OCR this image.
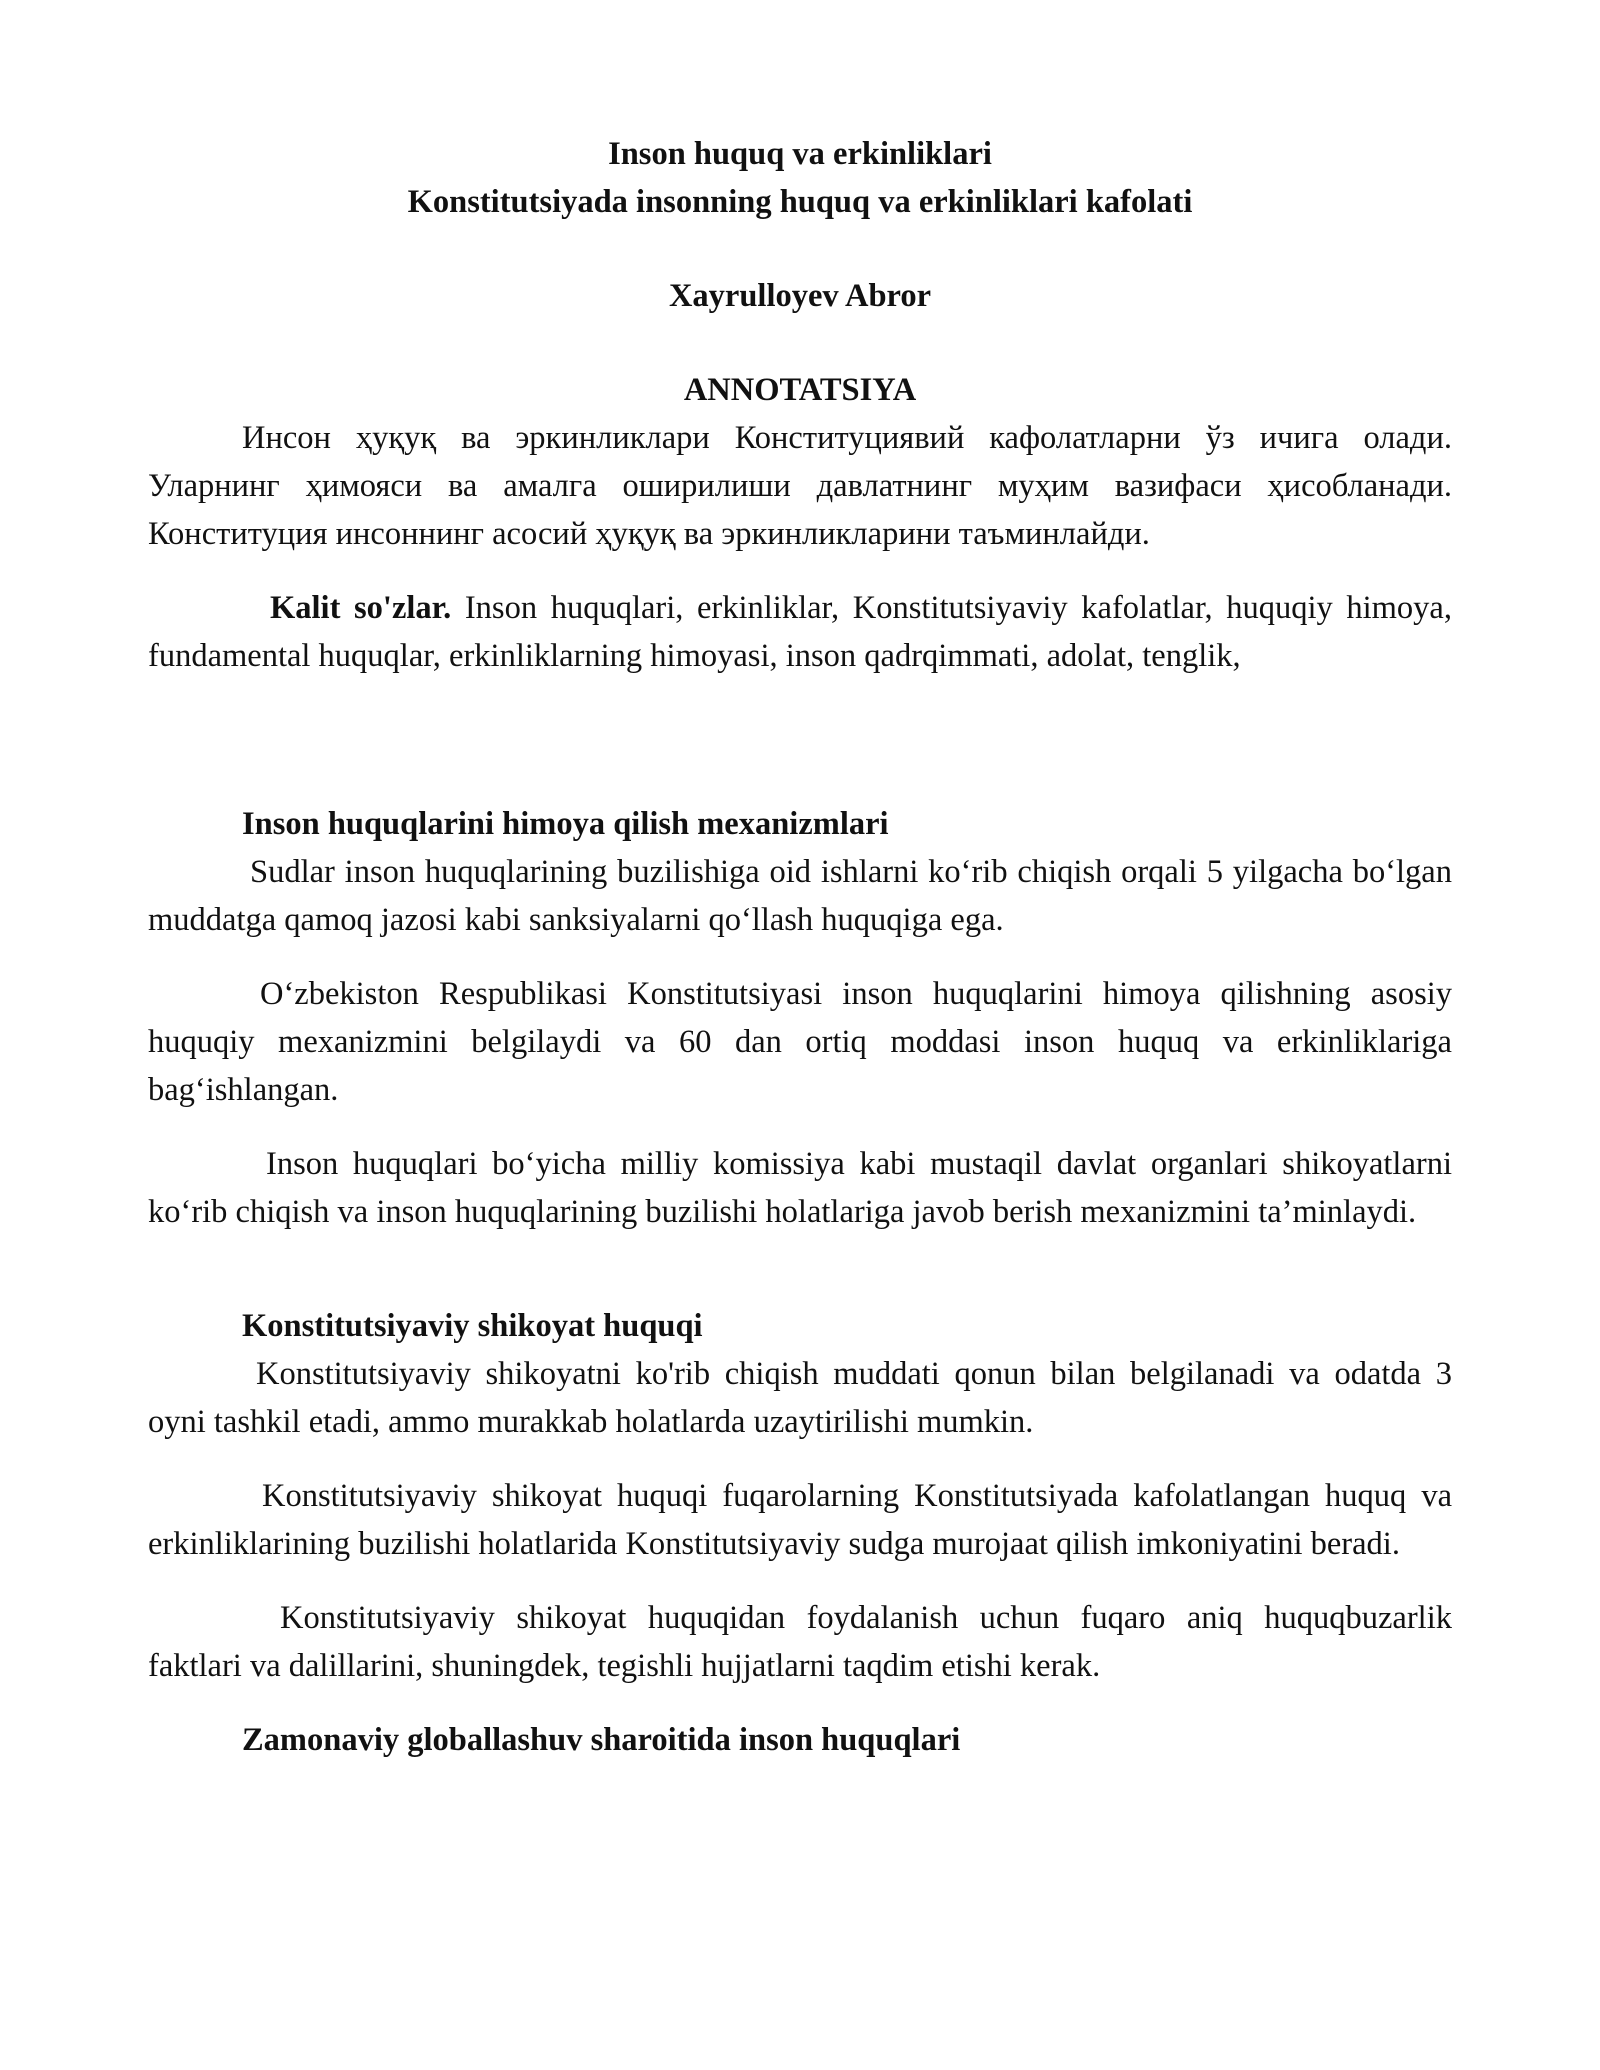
Inson huquq va erkinliklari

Konstitutsiyada insonning huquq va erkinliklari kafolati

Xayrulloyev Abror

ANNOTATSIYA

Инсон ҳуқуқ ва эркинликлари Конституциявий кафолатларни ўз ичига олади. Уларнинг ҳимояси ва амалга оширилиши давлатнинг муҳим вазифаси ҳисобланади. Конституция инсоннинг асосий ҳуқуқ ва эркинликларини таъминлайди.

Kalit so'zlar. Inson huquqlari, erkinliklar, Konstitutsiyaviy kafolatlar, huquqiy himoya, fundamental huquqlar, erkinliklarning himoyasi, inson qadrqimmati, adolat, tenglik,

Inson huquqlarini himoya qilish mexanizmlari

Sudlar inson huquqlarining buzilishiga oid ishlarni ko‘rib chiqish orqali 5 yilgacha bo‘lgan muddatga qamoq jazosi kabi sanksiyalarni qo‘llash huquqiga ega.

O‘zbekiston Respublikasi Konstitutsiyasi inson huquqlarini himoya qilishning asosiy huquqiy mexanizmini belgilaydi va 60 dan ortiq moddasi inson huquq va erkinliklariga bag‘ishlangan.

Inson huquqlari bo‘yicha milliy komissiya kabi mustaqil davlat organlari shikoyatlarni ko‘rib chiqish va inson huquqlarining buzilishi holatlariga javob berish mexanizmini ta’minlaydi.

Konstitutsiyaviy shikoyat huquqi

Konstitutsiyaviy shikoyatni ko'rib chiqish muddati qonun bilan belgilanadi va odatda 3 oyni tashkil etadi, ammo murakkab holatlarda uzaytirilishi mumkin.

Konstitutsiyaviy shikoyat huquqi fuqarolarning Konstitutsiyada kafolatlangan huquq va erkinliklarining buzilishi holatlarida Konstitutsiyaviy sudga murojaat qilish imkoniyatini beradi.

Konstitutsiyaviy shikoyat huquqidan foydalanish uchun fuqaro aniq huquqbuzarlik faktlari va dalillarini, shuningdek, tegishli hujjatlarni taqdim etishi kerak.

Zamonaviy globallashuv sharoitida inson huquqlari
